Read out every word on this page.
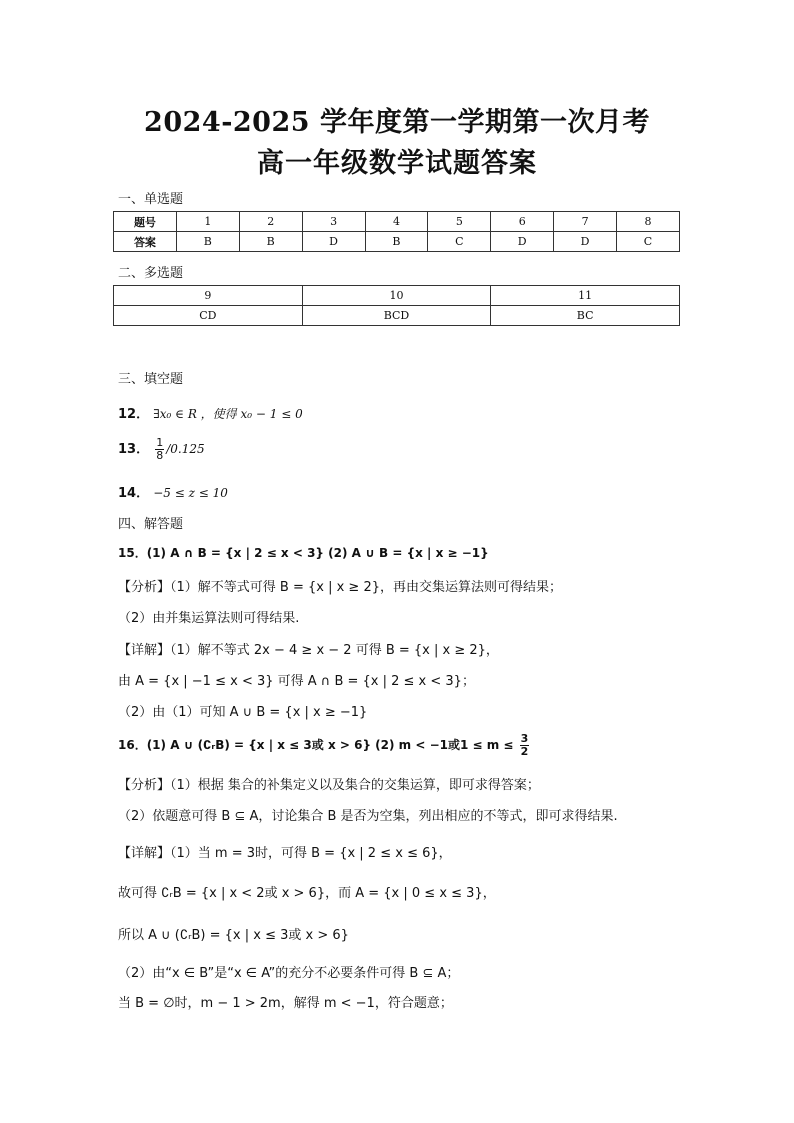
2024-2025 学年度第一学期第一次月考
高一年级数学试题答案
一、单选题
题号	1	2	3	4	5	6	7	8
答案	B	B	D	B	C	D	D	C
二、多选题
9	10	11
CD	BCD	BC
三、填空题
12． ∃x₀ ∈ R ，使得 x₀ − 1 ≤ 0
13． $\frac{1}{8} /0.125$
14． −5 ≤ z ≤ 10
四、解答题
15．(1) A ∩ B = {x | 2 ≤ x < 3} (2) A ∪ B = {x | x ≥ −1}
【分析】（1）解不等式可得 B = {x | x ≥ 2}，再由交集运算法则可得结果；
（2）由并集运算法则可得结果.
【详解】（1）解不等式 2x − 4 ≥ x − 2 可得 B = {x | x ≥ 2}，
由 A = {x | −1 ≤ x < 3} 可得 A ∩ B = {x | 2 ≤ x < 3}；
（2）由（1）可知 A ∪ B = {x | x ≥ −1}
16．(1) A ∪ (∁ᵣB) = {x | x ≤ 3或 x > 6} (2) m < −1或$1 \le m \le \frac{3}{2}$
【分析】（1）根据 集合的补集定义以及集合的交集运算，即可求得答案；
（2）依题意可得 B ⊆ A，讨论集合 B 是否为空集，列出相应的不等式，即可求得结果.
【详解】（1）当 m = 3时，可得 B = {x | 2 ≤ x ≤ 6}，
故可得 ∁ᵣB = {x | x < 2或 x > 6}，而 A = {x | 0 ≤ x ≤ 3}，
所以 A ∪ (∁ᵣB) = {x | x ≤ 3或 x > 6}
（2）由“x ∈ B”是“x ∈ A”的充分不必要条件可得 B ⊆ A；
当 B = ∅时，m − 1 > 2m，解得 m < −1，符合题意；
